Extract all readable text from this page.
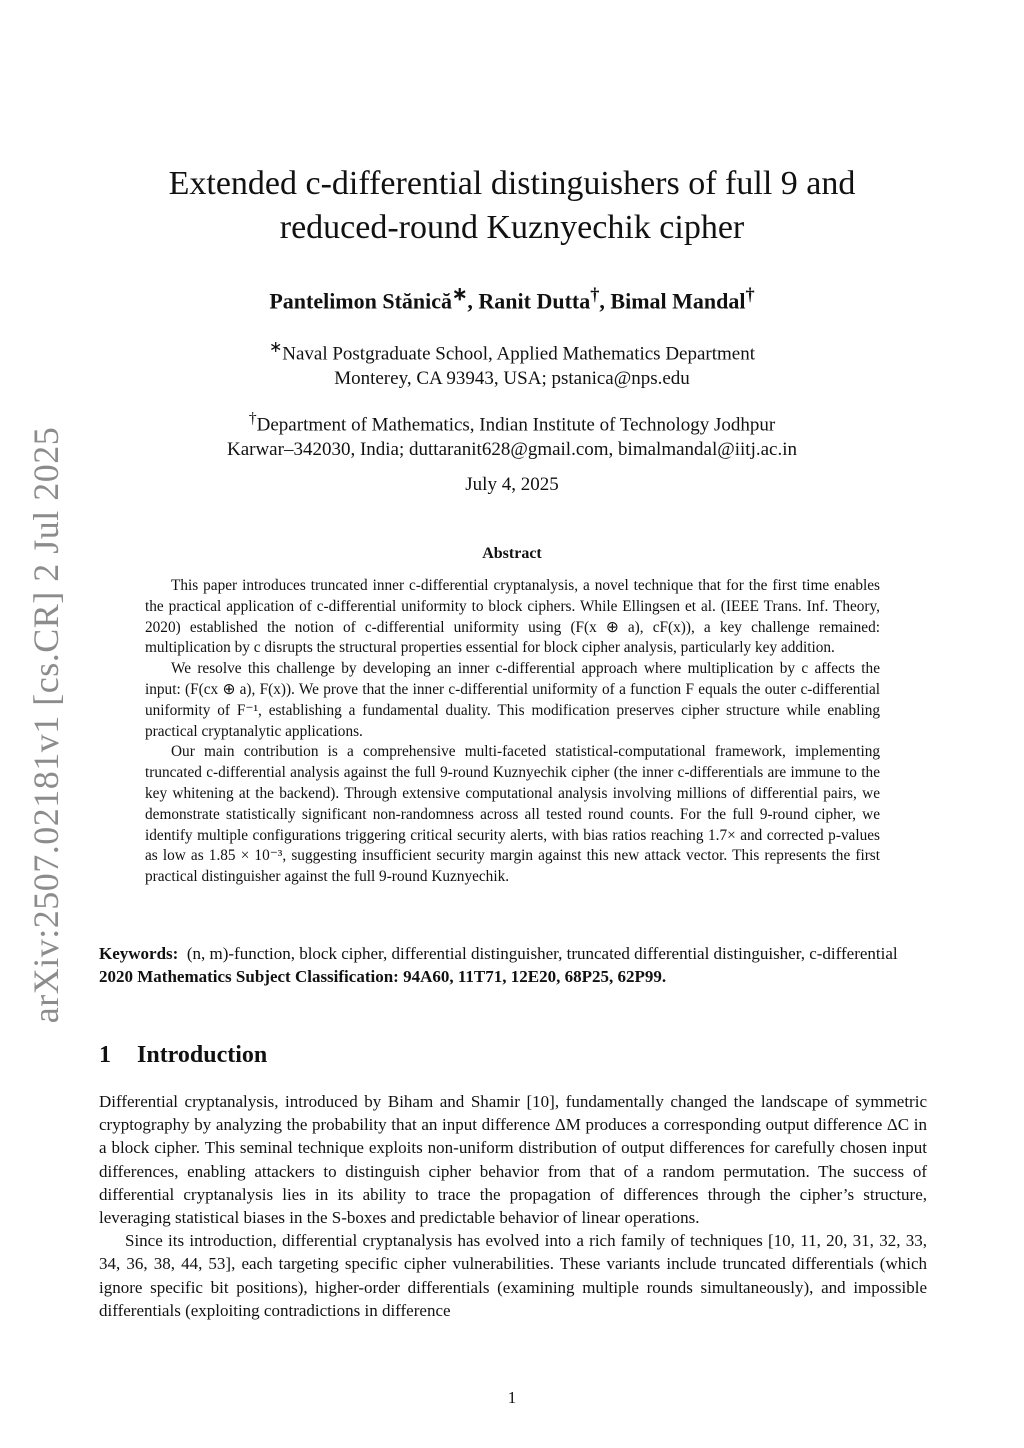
arXiv:2507.02181v1 [cs.CR] 2 Jul 2025
Extended c-differential distinguishers of full 9 and
reduced-round Kuznyechik cipher
Pantelimon Stănică∗, Ranit Dutta†, Bimal Mandal†
∗Naval Postgraduate School, Applied Mathematics Department
Monterey, CA 93943, USA; pstanica@nps.edu
†Department of Mathematics, Indian Institute of Technology Jodhpur
Karwar–342030, India; duttaranit628@gmail.com, bimalmandal@iitj.ac.in
July 4, 2025
Abstract

This paper introduces truncated inner c-differential cryptanalysis, a novel technique that for the first time enables the practical application of c-differential uniformity to block ciphers. While Ellingsen et al. (IEEE Trans. Inf. Theory, 2020) established the notion of c-differential uniformity using (F(x ⊕ a), cF(x)), a key challenge remained: multiplication by c disrupts the structural properties essential for block cipher analysis, particularly key addition.

We resolve this challenge by developing an inner c-differential approach where multiplication by c affects the input: (F(cx ⊕ a), F(x)). We prove that the inner c-differential uniformity of a function F equals the outer c-differential uniformity of F⁻¹, establishing a fundamental duality. This modification preserves cipher structure while enabling practical cryptanalytic applications.

Our main contribution is a comprehensive multi-faceted statistical-computational framework, implementing truncated c-differential analysis against the full 9-round Kuznyechik cipher (the inner c-differentials are immune to the key whitening at the backend). Through extensive computational analysis involving millions of differential pairs, we demonstrate statistically significant non-randomness across all tested round counts. For the full 9-round cipher, we identify multiple configurations triggering critical security alerts, with bias ratios reaching 1.7× and corrected p-values as low as 1.85 × 10⁻³, suggesting insufficient security margin against this new attack vector. This represents the first practical distinguisher against the full 9-round Kuznyechik.

Keywords: (n, m)-function, block cipher, differential distinguisher, truncated differential distinguisher, c-differential

2020 Mathematics Subject Classification: 94A60, 11T71, 12E20, 68P25, 62P99.

1 Introduction

Differential cryptanalysis, introduced by Biham and Shamir [10], fundamentally changed the landscape of symmetric cryptography by analyzing the probability that an input difference ΔM produces a corresponding output difference ΔC in a block cipher. This seminal technique exploits non-uniform distribution of output differences for carefully chosen input differences, enabling attackers to distinguish cipher behavior from that of a random permutation. The success of differential cryptanalysis lies in its ability to trace the propagation of differences through the cipher’s structure, leveraging statistical biases in the S-boxes and predictable behavior of linear operations.

Since its introduction, differential cryptanalysis has evolved into a rich family of techniques [10, 11, 20, 31, 32, 33, 34, 36, 38, 44, 53], each targeting specific cipher vulnerabilities. These variants include truncated differentials (which ignore specific bit positions), higher-order differentials (examining multiple rounds simultaneously), and impossible differentials (exploiting contradictions in difference

1
